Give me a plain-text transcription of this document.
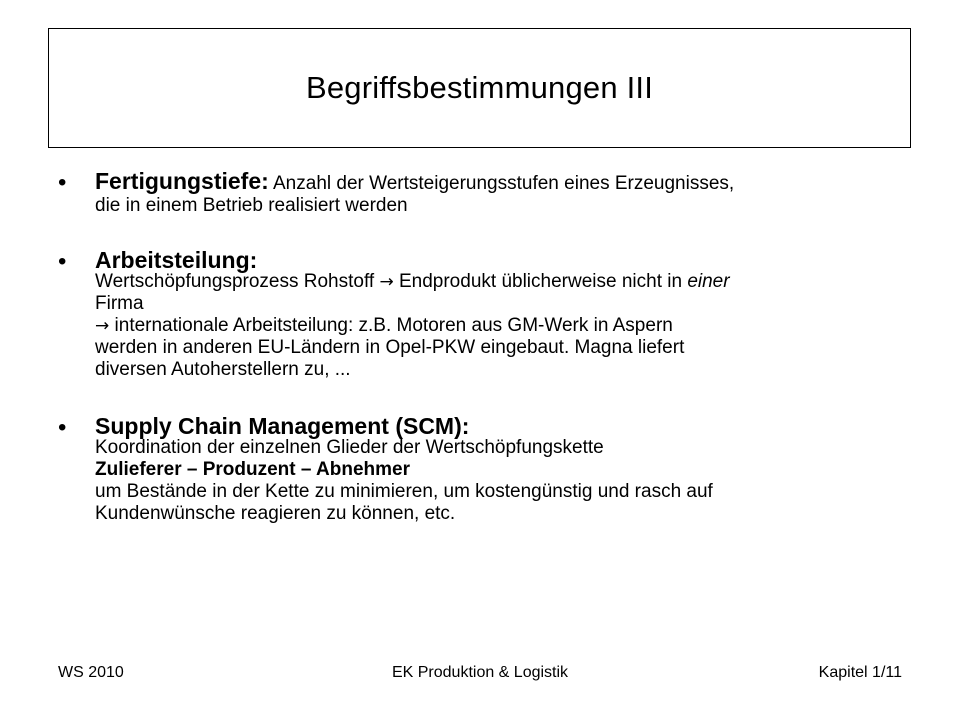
Begriffsbestimmungen III
• Fertigungstiefe: Anzahl der Wertsteigerungsstufen eines Erzeugnisses,
die in einem Betrieb realisiert werden
• Arbeitsteilung:
Wertschöpfungsprozess Rohstoff → Endprodukt üblicherweise nicht in einer
Firma
→ internationale Arbeitsteilung: z.B. Motoren aus GM-Werk in Aspern
werden in anderen EU-Ländern in Opel-PKW eingebaut. Magna liefert
diversen Autoherstellern zu, ...
• Supply Chain Management (SCM):
Koordination der einzelnen Glieder der Wertschöpfungskette
Zulieferer – Produzent – Abnehmer
um Bestände in der Kette zu minimieren, um kostengünstig und rasch auf
Kundenwünsche reagieren zu können, etc.
WS 2010	EK Produktion & Logistik	Kapitel 1/11
